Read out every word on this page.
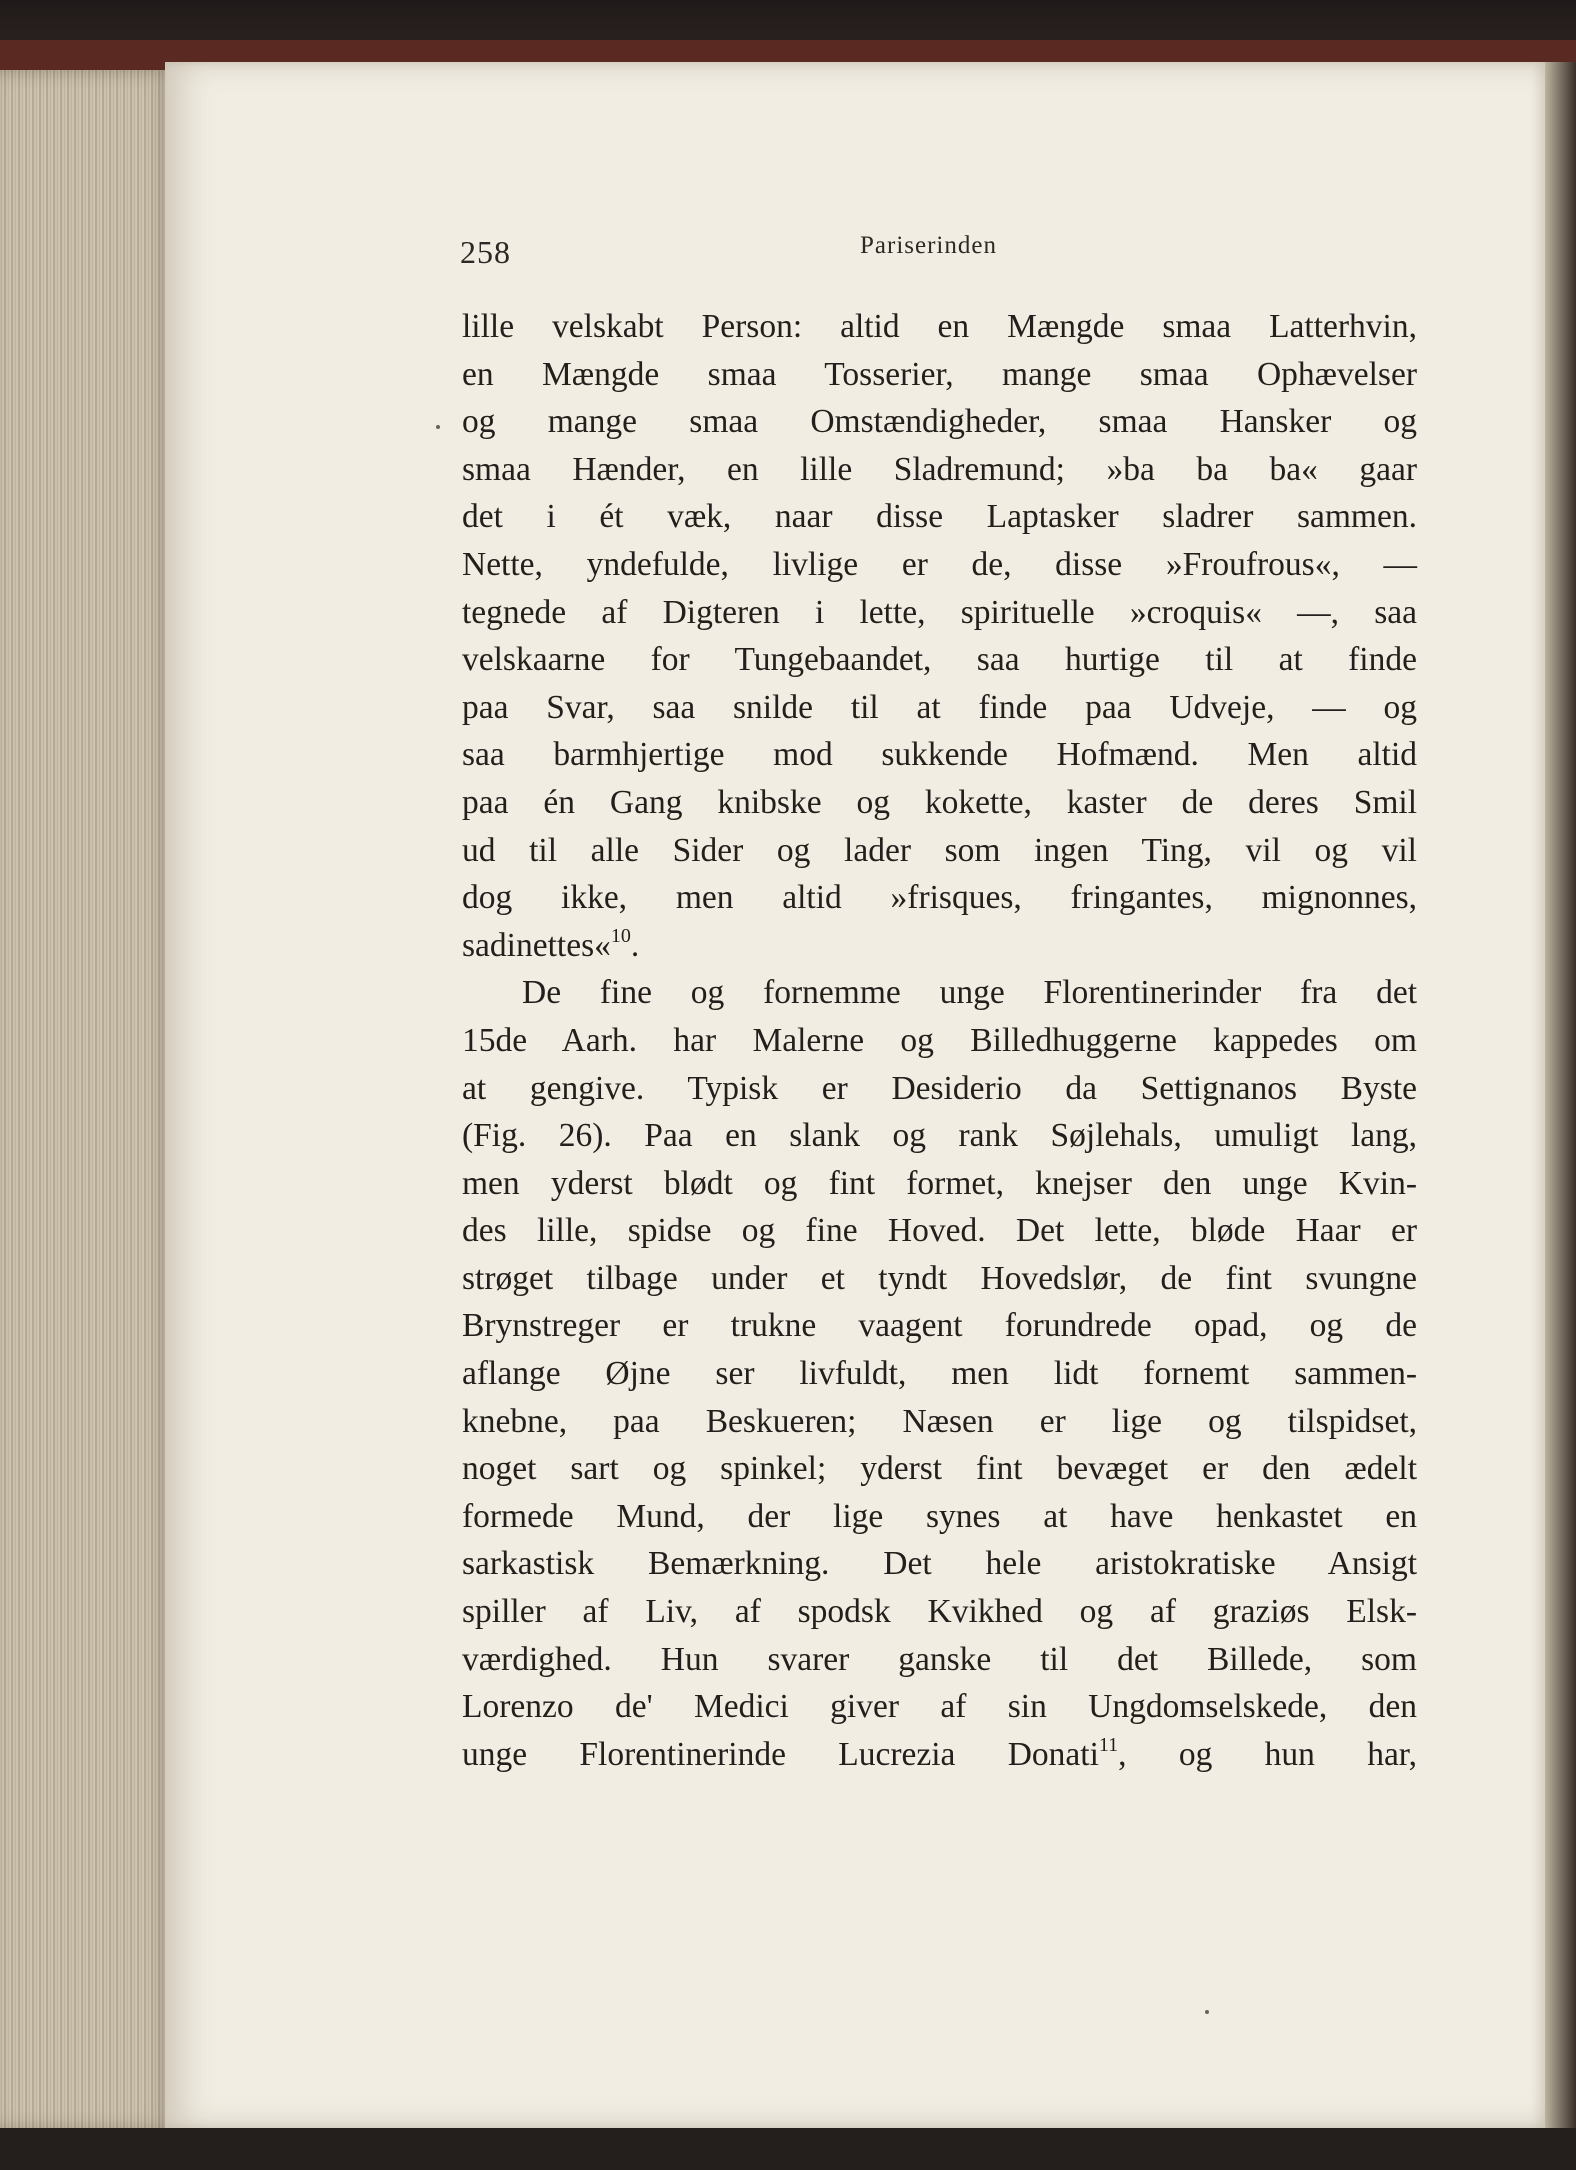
258	Pariserinden
lille velskabt Person: altid en Mængde smaa Latterhvin,
en Mængde smaa Tosserier, mange smaa Ophævelser
og mange smaa Omstændigheder, smaa Hansker og
smaa Hænder, en lille Sladremund; »ba ba ba« gaar
det i ét væk, naar disse Laptasker sladrer sammen.
Nette, yndefulde, livlige er de, disse »Froufrous«, —
tegnede af Digteren i lette, spirituelle »croquis« —, saa
velskaarne for Tungebaandet, saa hurtige til at finde
paa Svar, saa snilde til at finde paa Udveje, — og
saa barmhjertige mod sukkende Hofmænd. Men altid
paa én Gang knibske og kokette, kaster de deres Smil
ud til alle Sider og lader som ingen Ting, vil og vil
dog ikke, men altid »frisques, fringantes, mignonnes,
sadinettes«$^{10}$.
De fine og fornemme unge Florentinerinder fra det
15de Aarh. har Malerne og Billedhuggerne kappedes om
at gengive. Typisk er Desiderio da Settignanos Byste
(Fig. 26). Paa en slank og rank Søjlehals, umuligt lang,
men yderst blødt og fint formet, knejser den unge Kvin-
des lille, spidse og fine Hoved. Det lette, bløde Haar er
strøget tilbage under et tyndt Hovedslør, de fint svungne
Brynstreger er trukne vaagent forundrede opad, og de
aflange Øjne ser livfuldt, men lidt fornemt sammen-
knebne, paa Beskueren; Næsen er lige og tilspidset,
noget sart og spinkel; yderst fint bevæget er den ædelt
formede Mund, der lige synes at have henkastet en
sarkastisk Bemærkning. Det hele aristokratiske Ansigt
spiller af Liv, af spodsk Kvikhed og af graziøs Elsk-
værdighed. Hun svarer ganske til det Billede, som
Lorenzo de' Medici giver af sin Ungdomselskede, den
unge Florentinerinde Lucrezia Donati$^{11}$, og hun har,
